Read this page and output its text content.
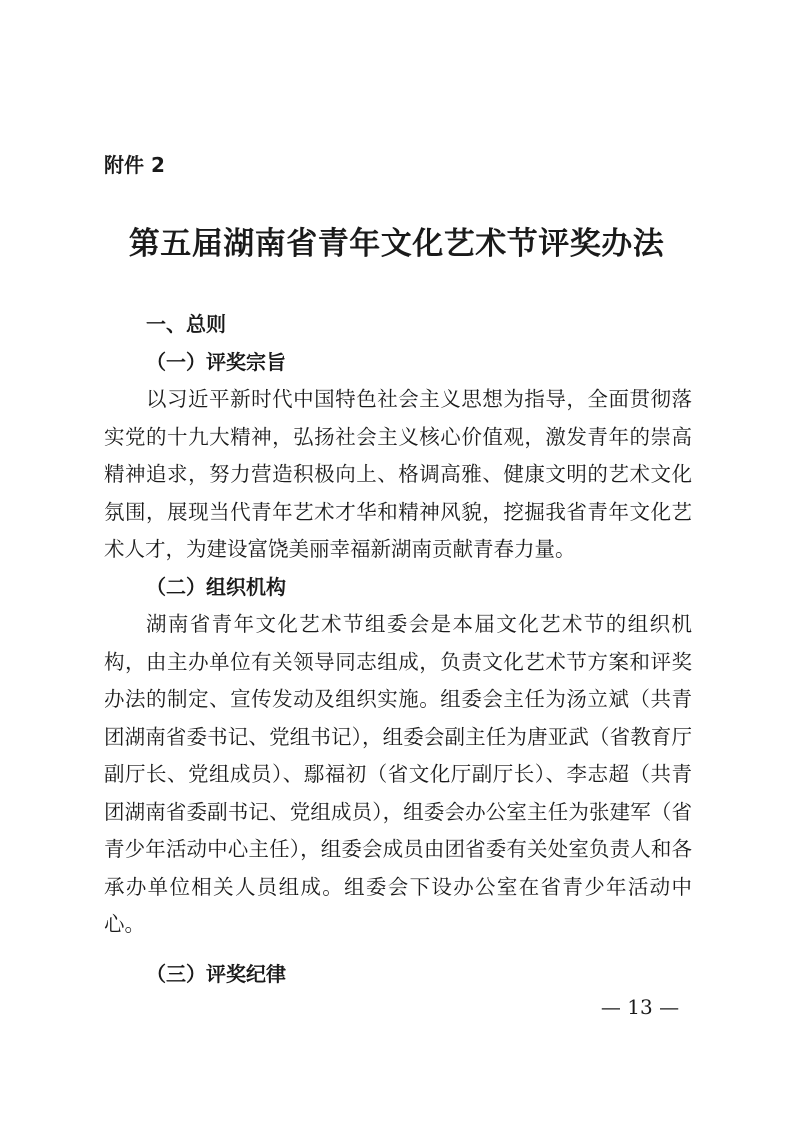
附件 2

第五届湖南省青年文化艺术节评奖办法

一、总则

（一）评奖宗旨

以习近平新时代中国特色社会主义思想为指导，全面贯彻落实党的十九大精神，弘扬社会主义核心价值观，激发青年的崇高精神追求，努力营造积极向上、格调高雅、健康文明的艺术文化氛围，展现当代青年艺术才华和精神风貌，挖掘我省青年文化艺术人才，为建设富饶美丽幸福新湖南贡献青春力量。

（二）组织机构

湖南省青年文化艺术节组委会是本届文化艺术节的组织机构，由主办单位有关领导同志组成，负责文化艺术节方案和评奖办法的制定、宣传发动及组织实施。组委会主任为汤立斌（共青团湖南省委书记、党组书记），组委会副主任为唐亚武（省教育厅副厅长、党组成员）、鄢福初（省文化厅副厅长）、李志超（共青团湖南省委副书记、党组成员），组委会办公室主任为张建军（省青少年活动中心主任），组委会成员由团省委有关处室负责人和各承办单位相关人员组成。组委会下设办公室在省青少年活动中心。

（三）评奖纪律

— 13 —
